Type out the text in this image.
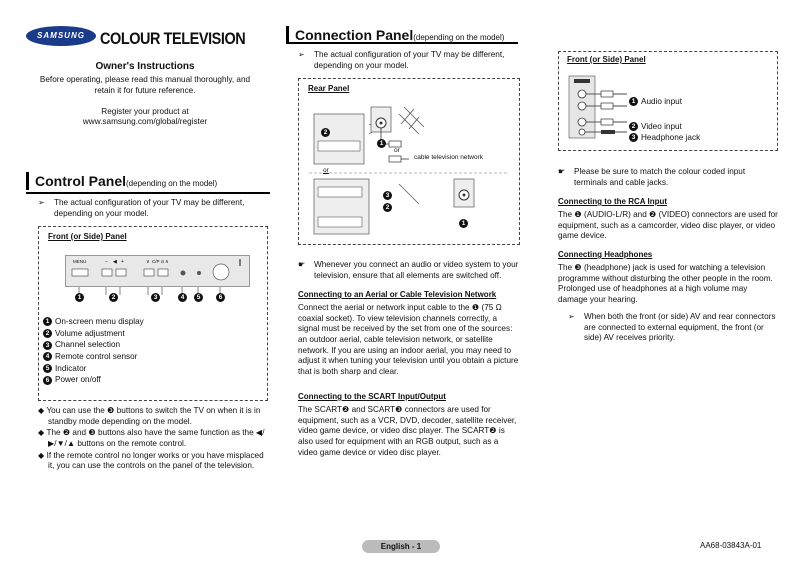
SAMSUNG COLOUR TELEVISION
Owner's Instructions
Before operating, please read this manual thoroughly, and retain it for future reference.
Register your product at
www.samsung.com/global/register
Control Panel(depending on the model)
➢	The actual configuration of your TV may be different, depending on your model.
Front (or Side) Panel
MENU	− ◀ +	∨ C/P ⊙ ∧
1	2	3	4	5	6

1 On-screen menu display

2 Volume adjustment

3 Channel selection

4 Remote control sensor

5 Indicator

6 Power on/off

◆ You can use the ❸ buttons to switch the TV on when it is in standby mode depending on the model.

◆ The ❷ and ❸ buttons also have the same function as the ◀/▶/▼/▲ buttons on the remote control.

◆ If the remote control no longer works or you have misplaced it, you can use the controls on the panel of the television.

Connection Panel(depending on the model)
➢	The actual configuration of your TV may be different, depending on your model.
Rear Panel
2
1
or
cable television network
or
3
2
1
☛	Whenever you connect an audio or video system to your television, ensure that all elements are switched off.
Connecting to an Aerial or Cable Television Network
Connect the aerial or network input cable to the ❶ (75 Ω coaxial socket). To view television channels correctly, a signal must be received by the set from one of the sources: an outdoor aerial, cable television network, or satellite network. If you are using an indoor aerial, you may need to adjust it when tuning your television until you obtain a picture that is both sharp and clear.
Connecting to the SCART Input/Output
The SCART❷ and SCART❸ connectors are used for equipment, such as a VCR, DVD, decoder, satellite receiver, video game device, or video disc player. The SCART❷ is also used for equipment with an RGB output, such as a video game device or video disc player.
Front (or Side) Panel
1 Audio input
2 Video input
3 Headphone jack
☛	Please be sure to match the colour coded input terminals and cable jacks.
Connecting to the RCA Input
The ❶ (AUDIO-L/R) and ❷ (VIDEO) connectors are used for equipment, such as a camcorder, video disc player, or video game device.
Connecting Headphones
The ❸ (headphone) jack is used for watching a television programme without disturbing the other people in the room. Prolonged use of headphones at a high volume may damage your hearing.
➢	When both the front (or side) AV and rear connectors are connected to external equipment, the front (or side) AV receives priority.
English - 1	AA68-03843A-01
